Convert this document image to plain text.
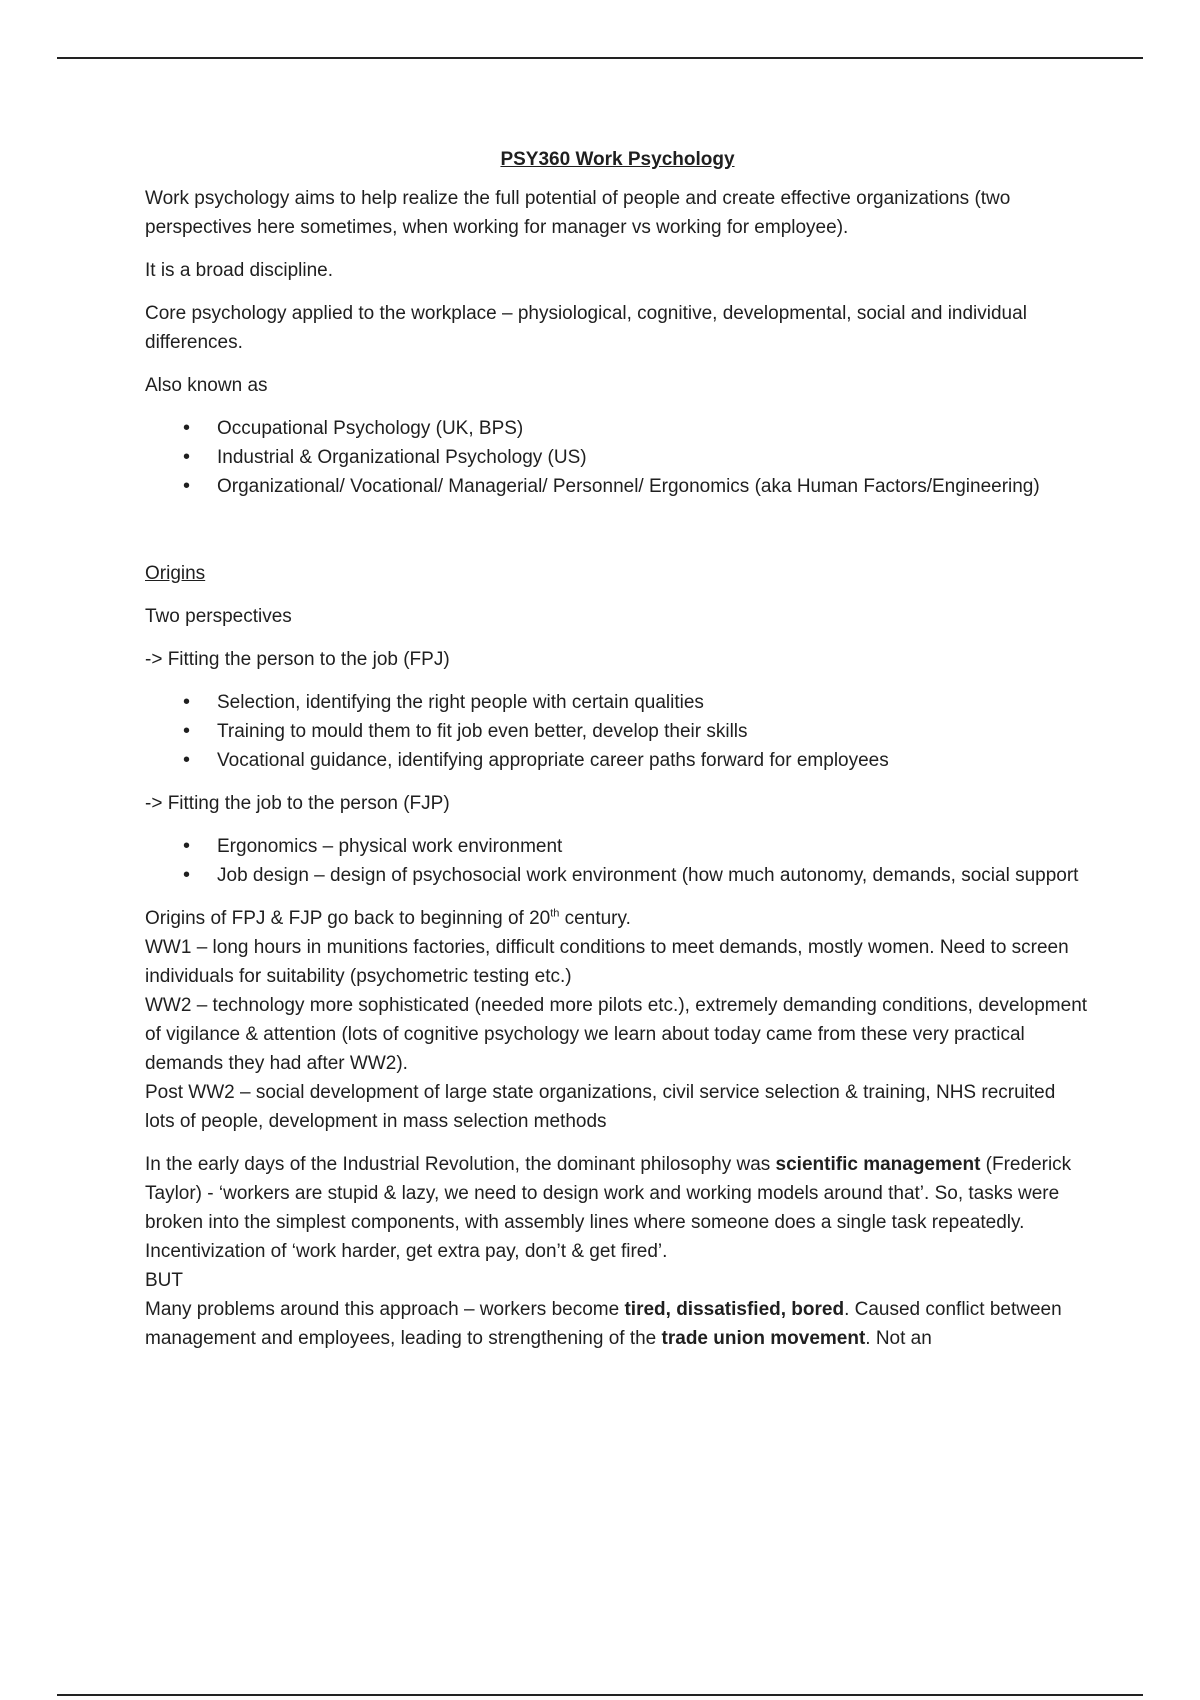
PSY360 Work Psychology

Work psychology aims to help realize the full potential of people and create effective organizations (two perspectives here sometimes, when working for manager vs working for employee).

It is a broad discipline.

Core psychology applied to the workplace – physiological, cognitive, developmental, social and individual differences.

Also known as

• Occupational Psychology (UK, BPS)
• Industrial & Organizational Psychology (US)
• Organizational/ Vocational/ Managerial/ Personnel/ Ergonomics (aka Human Factors/Engineering)

Origins

Two perspectives

-> Fitting the person to the job (FPJ)

• Selection, identifying the right people with certain qualities
• Training to mould them to fit job even better, develop their skills
• Vocational guidance, identifying appropriate career paths forward for employees

-> Fitting the job to the person (FJP)

• Ergonomics – physical work environment
• Job design – design of psychosocial work environment (how much autonomy, demands, social support

Origins of FPJ & FJP go back to beginning of 20th century.

WW1 – long hours in munitions factories, difficult conditions to meet demands, mostly women. Need to screen individuals for suitability (psychometric testing etc.)

WW2 – technology more sophisticated (needed more pilots etc.), extremely demanding conditions, development of vigilance & attention (lots of cognitive psychology we learn about today came from these very practical demands they had after WW2).

Post WW2 – social development of large state organizations, civil service selection & training, NHS recruited lots of people, development in mass selection methods

In the early days of the Industrial Revolution, the dominant philosophy was scientific management (Frederick Taylor) - ‘workers are stupid & lazy, we need to design work and working models around that’. So, tasks were broken into the simplest components, with assembly lines where someone does a single task repeatedly. Incentivization of ‘work harder, get extra pay, don’t & get fired’.

BUT

Many problems around this approach – workers become tired, dissatisfied, bored. Caused conflict between management and employees, leading to strengthening of the trade union movement. Not an
